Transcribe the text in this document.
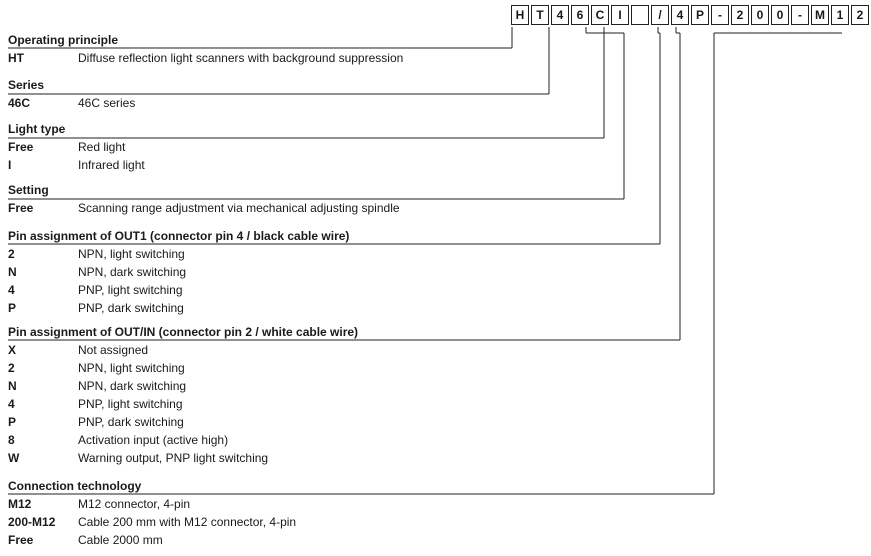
H	T	4	6	C	I	/	4	P	-	2	0	0	-	M 1	2
Operating principle
HT	Diffuse reflection light scanners with background suppression
Series
46C	46C series
Light type
Free	Red light
I	Infrared light
Setting
Free	Scanning range adjustment via mechanical adjusting spindle
Pin assignment of OUT1 (connector pin 4 / black cable wire)
2	NPN, light switching
N	NPN, dark switching
4	PNP, light switching
P	PNP, dark switching
Pin assignment of OUT/IN (connector pin 2 / white cable wire)
X	Not assigned
2	NPN, light switching
N	NPN, dark switching
4	PNP, light switching
P	PNP, dark switching
8	Activation input (active high)
W	Warning output, PNP light switching
Connection technology
M12	M12 connector, 4-pin
200-M12 Cable 200 mm with M12 connector, 4-pin
Free	Cable 2000 mm
